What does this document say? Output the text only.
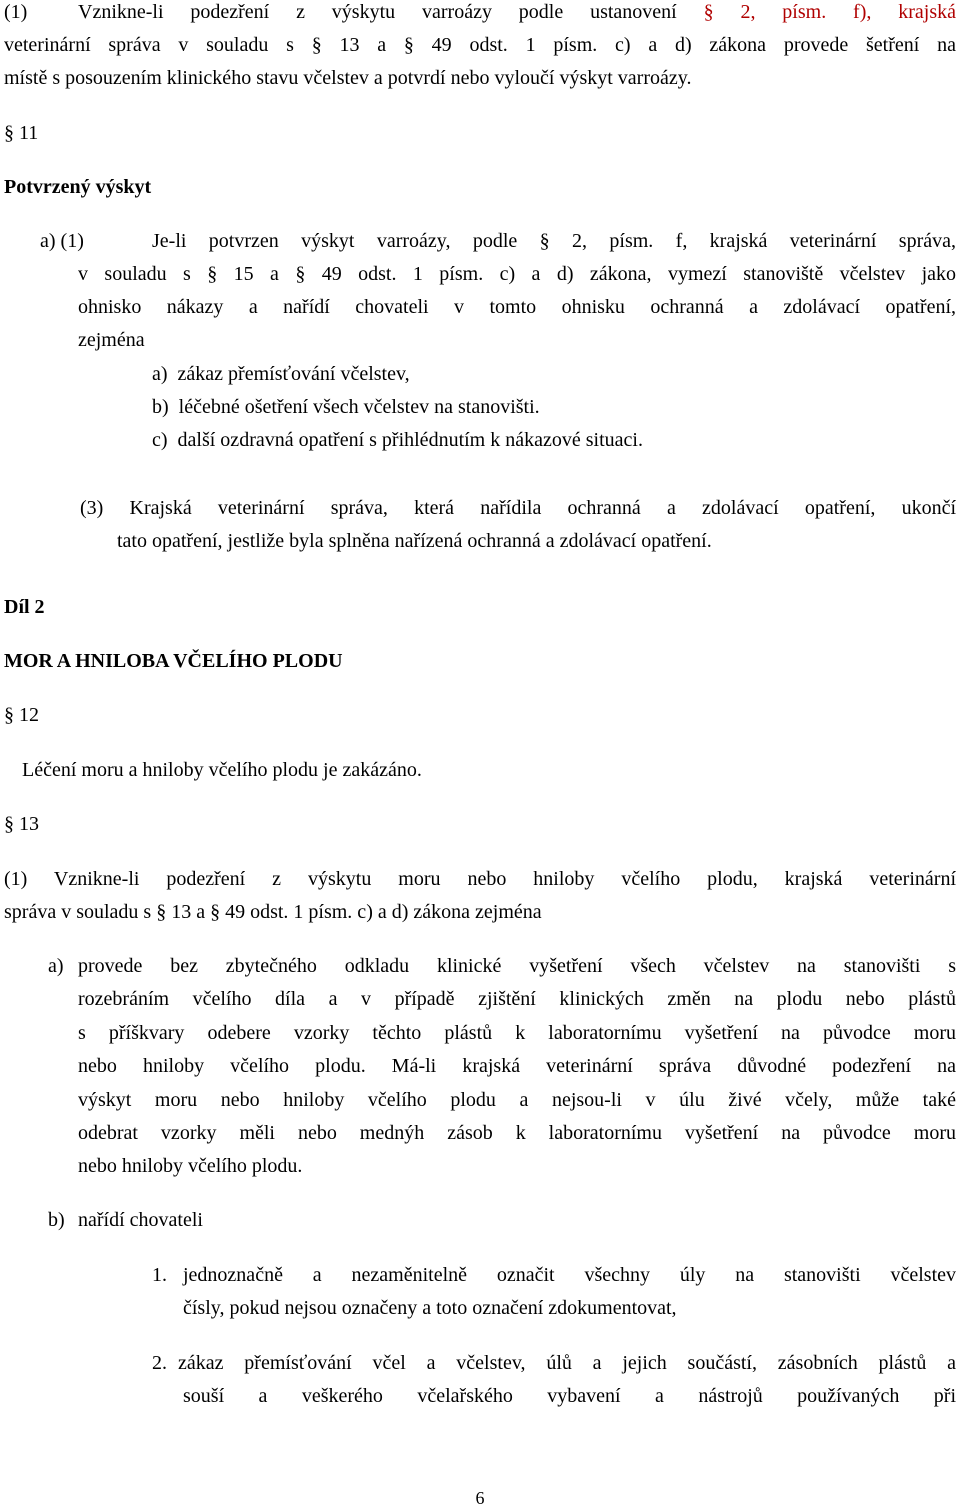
(1)	Vznikne-li podezření z výskytu varroázy podle ustanovení § 2, písm. f), krajská
veterinární správa v souladu s § 13 a § 49 odst. 1 písm. c) a d) zákona provede šetření na
místě s posouzením klinického stavu včelstev a potvrdí nebo vyloučí výskyt varroázy.
§ 11
Potvrzený výskyt
a) (1)	Je-li potvrzen výskyt varroázy, podle § 2, písm. f, krajská veterinární správa,
v souladu s § 15 a § 49 odst. 1 písm. c) a d) zákona, vymezí stanoviště včelstev jako
ohnisko nákazy a nařídí chovateli v tomto ohnisku ochranná a zdolávací opatření,
zejména
a)  zákaz přemísťování včelstev,
b)  léčebné ošetření všech včelstev na stanovišti.
c)  další ozdravná opatření s přihlédnutím k nákazové situaci.
(3) Krajská veterinární správa, která nařídila ochranná a zdolávací opatření, ukončí
tato opatření, jestliže byla splněna nařízená ochranná a zdolávací opatření.
Díl 2
MOR A HNILOBA VČELÍHO PLODU
§ 12
Léčení moru a hniloby včelího plodu je zakázáno.
§ 13
(1) Vznikne-li podezření z výskytu moru nebo hniloby včelího plodu, krajská veterinární
správa v souladu s § 13 a § 49 odst. 1 písm. c) a d) zákona zejména
a) provede bez zbytečného odkladu klinické vyšetření všech včelstev na stanovišti s
rozebráním včelího díla a v případě zjištění klinických změn na plodu nebo plástů
s příškvary odebere vzorky těchto plástů k laboratornímu vyšetření na původce moru
nebo hniloby včelího plodu. Má-li krajská veterinární správa důvodné podezření na
výskyt moru nebo hniloby včelího plodu a nejsou-li v úlu živé včely, může také
odebrat vzorky měli nebo mednýh zásob k laboratornímu vyšetření na původce moru
nebo hniloby včelího plodu.
b) nařídí chovateli
1. jednoznačně a nezaměnitelně označit všechny úly na stanovišti včelstev
čísly, pokud nejsou označeny a toto označení zdokumentovat,
2. zákaz přemísťování včel a včelstev, úlů a jejich součástí, zásobních plástů a
souší a veškerého včelařského vybavení a nástrojů používaných při
6
